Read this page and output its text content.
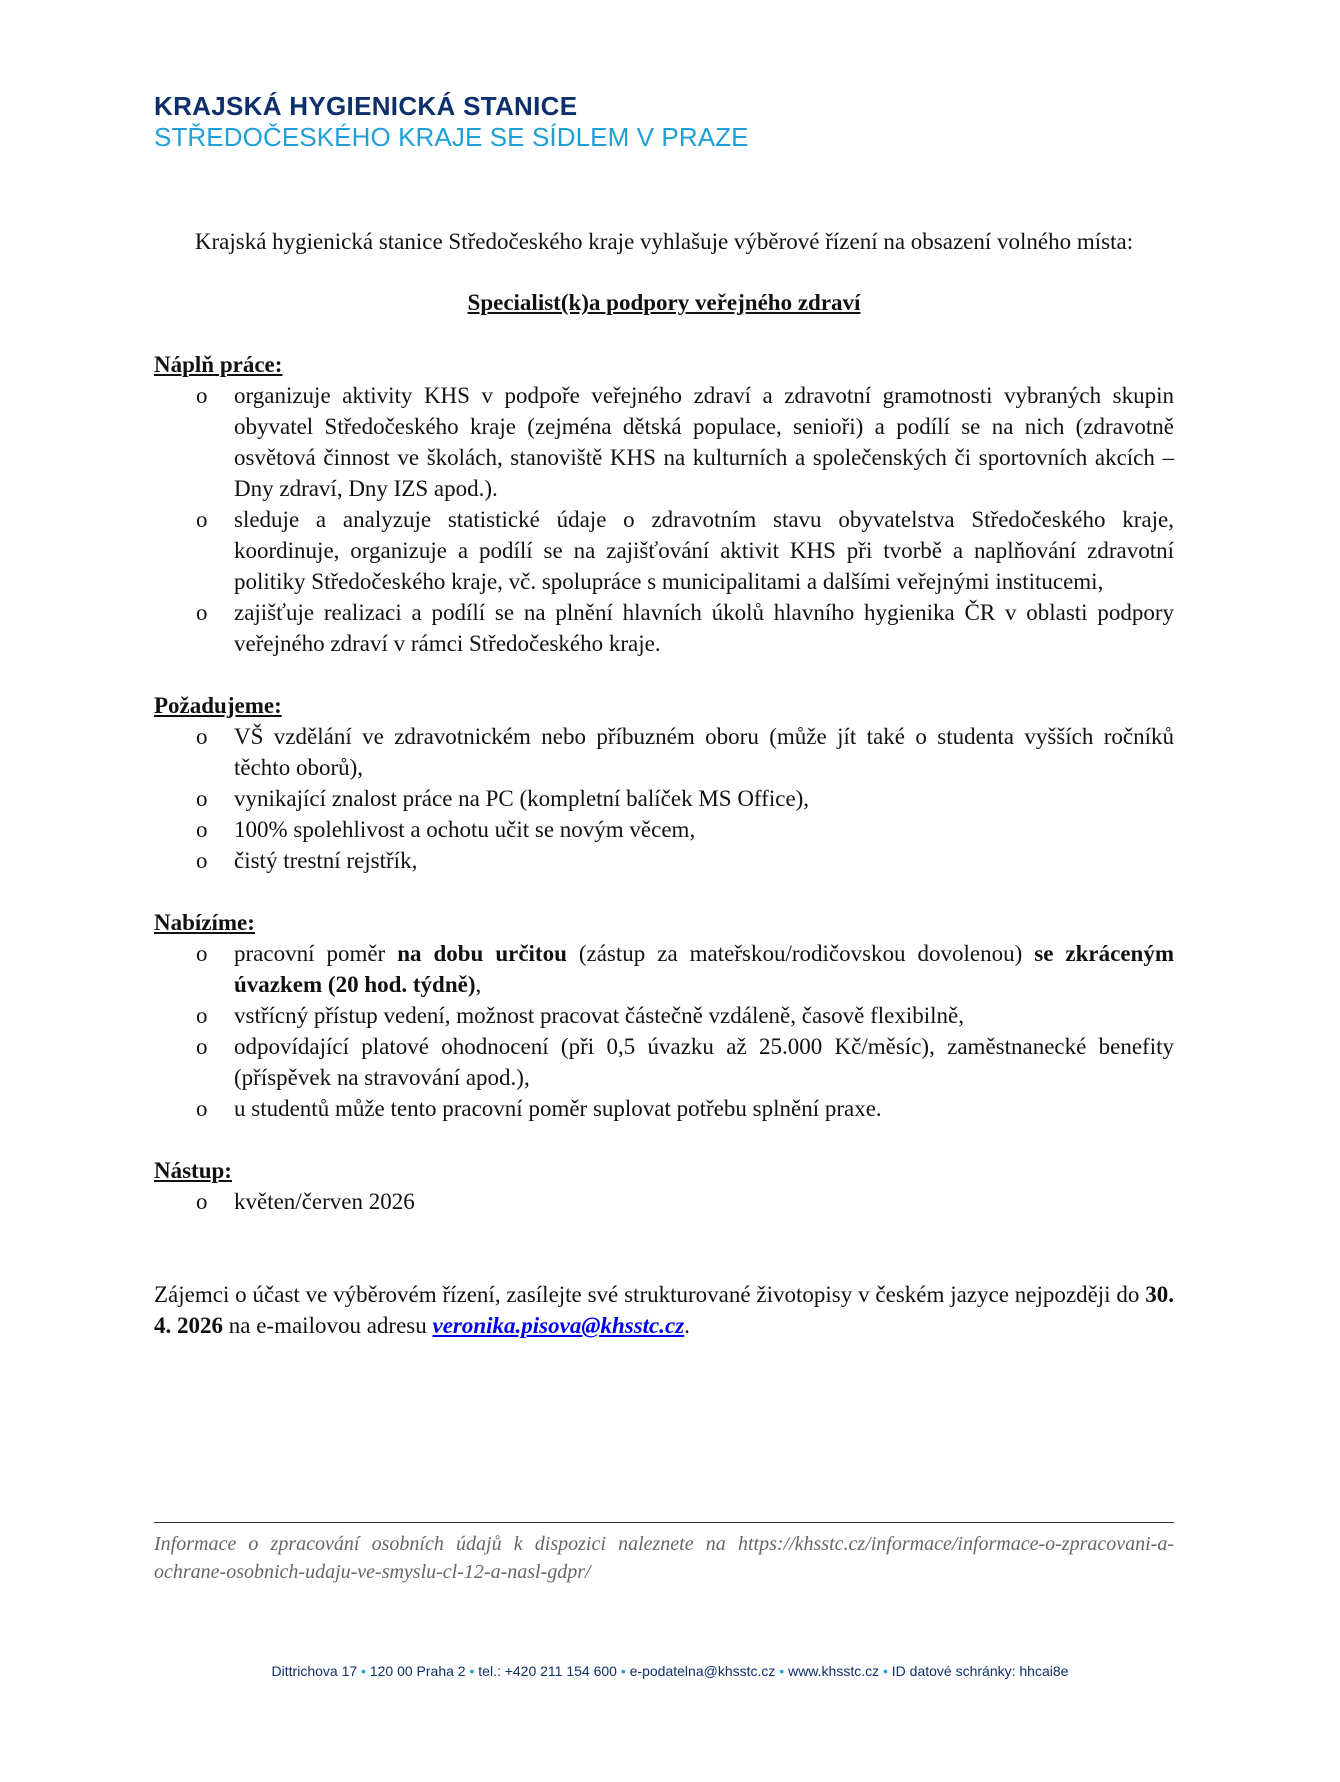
KRAJSKÁ HYGIENICKÁ STANICE
STŘEDOČESKÉHO KRAJE SE SÍDLEM V PRAZE
Krajská hygienická stanice Středočeského kraje vyhlašuje výběrové řízení na obsazení volného místa:
Specialist(k)a podpory veřejného zdraví
Náplň práce:
o organizuje aktivity KHS v podpoře veřejného zdraví a zdravotní gramotnosti vybraných skupin obyvatel Středočeského kraje (zejména dětská populace, senioři) a podílí se na nich (zdravotně osvětová činnost ve školách, stanoviště KHS na kulturních a společenských či sportovních akcích – Dny zdraví, Dny IZS apod.).
o sleduje a analyzuje statistické údaje o zdravotním stavu obyvatelstva Středočeského kraje, koordinuje, organizuje a podílí se na zajišťování aktivit KHS při tvorbě a naplňování zdravotní politiky Středočeského kraje, vč. spolupráce s municipalitami a dalšími veřejnými institucemi,
o zajišťuje realizaci a podílí se na plnění hlavních úkolů hlavního hygienika ČR v oblasti podpory veřejného zdraví v rámci Středočeského kraje.
Požadujeme:
o VŠ vzdělání ve zdravotnickém nebo příbuzném oboru (může jít také o studenta vyšších ročníků těchto oborů),
o vynikající znalost práce na PC (kompletní balíček MS Office),
o 100% spolehlivost a ochotu učit se novým věcem,
o čistý trestní rejstřík,
Nabízíme:
o pracovní poměr na dobu určitou (zástup za mateřskou/rodičovskou dovolenou) se zkráceným úvazkem (20 hod. týdně),
o vstřícný přístup vedení, možnost pracovat částečně vzdáleně, časově flexibilně,
o odpovídající platové ohodnocení (při 0,5 úvazku až 25.000 Kč/měsíc), zaměstnanecké benefity (příspěvek na stravování apod.),
o u studentů může tento pracovní poměr suplovat potřebu splnění praxe.
Nástup:
o květen/červen 2026
Zájemci o účast ve výběrovém řízení, zasílejte své strukturované životopisy v českém jazyce nejpozději do 30. 4. 2026 na e-mailovou adresu veronika.pisova@khsstc.cz.
Informace o zpracování osobních údajů k dispozici naleznete na https://khsstc.cz/informace/informace-o-zpracovani-a-ochrane-osobnich-udaju-ve-smyslu-cl-12-a-nasl-gdpr/
Dittrichova 17 • 120 00 Praha 2 • tel.: +420 211 154 600 • e-podatelna@khsstc.cz • www.khsstc.cz • ID datové schránky: hhcai8e
